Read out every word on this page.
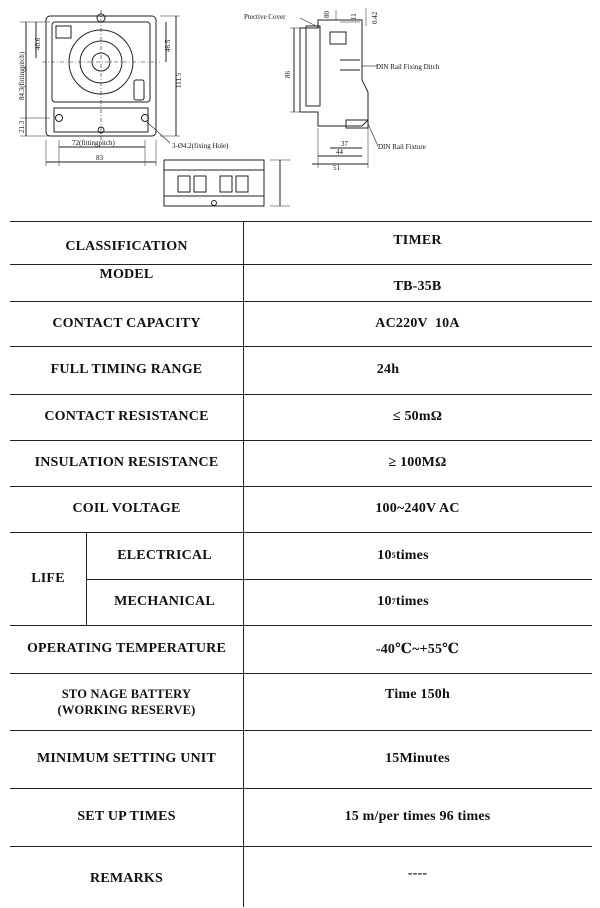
40.6
84.3(fittingpitch)
21.3
46.5
111.5
72(fittingpitch)
83
3-Ø4.2(fixing Hole)
Ptective Cover
DIN Rail Fixing Ditch
DIN Rail Fixture
80	11 0.42
86
37
44
51
CLASSIFICATION
MODEL
CONTACT CAPACITY
FULL TIMING RANGE
CONTACT RESISTANCE
INSULATION RESISTANCE
COIL VOLTAGE
LIFE
ELECTRICAL
MECHANICAL
OPERATING TEMPERATURE
STO NAGE BATTERY
(WORKING RESERVE)
MINIMUM SETTING UNIT
SET UP TIMES
REMARKS
TIMER
TB-35B
AC220V  10A
24h
≤ 50mΩ
≥ 100MΩ
100~240V AC
10 5 times
10 7 times
-40℃~+55℃
Time 150h
15Minutes
15 m/per times 96 times
----
